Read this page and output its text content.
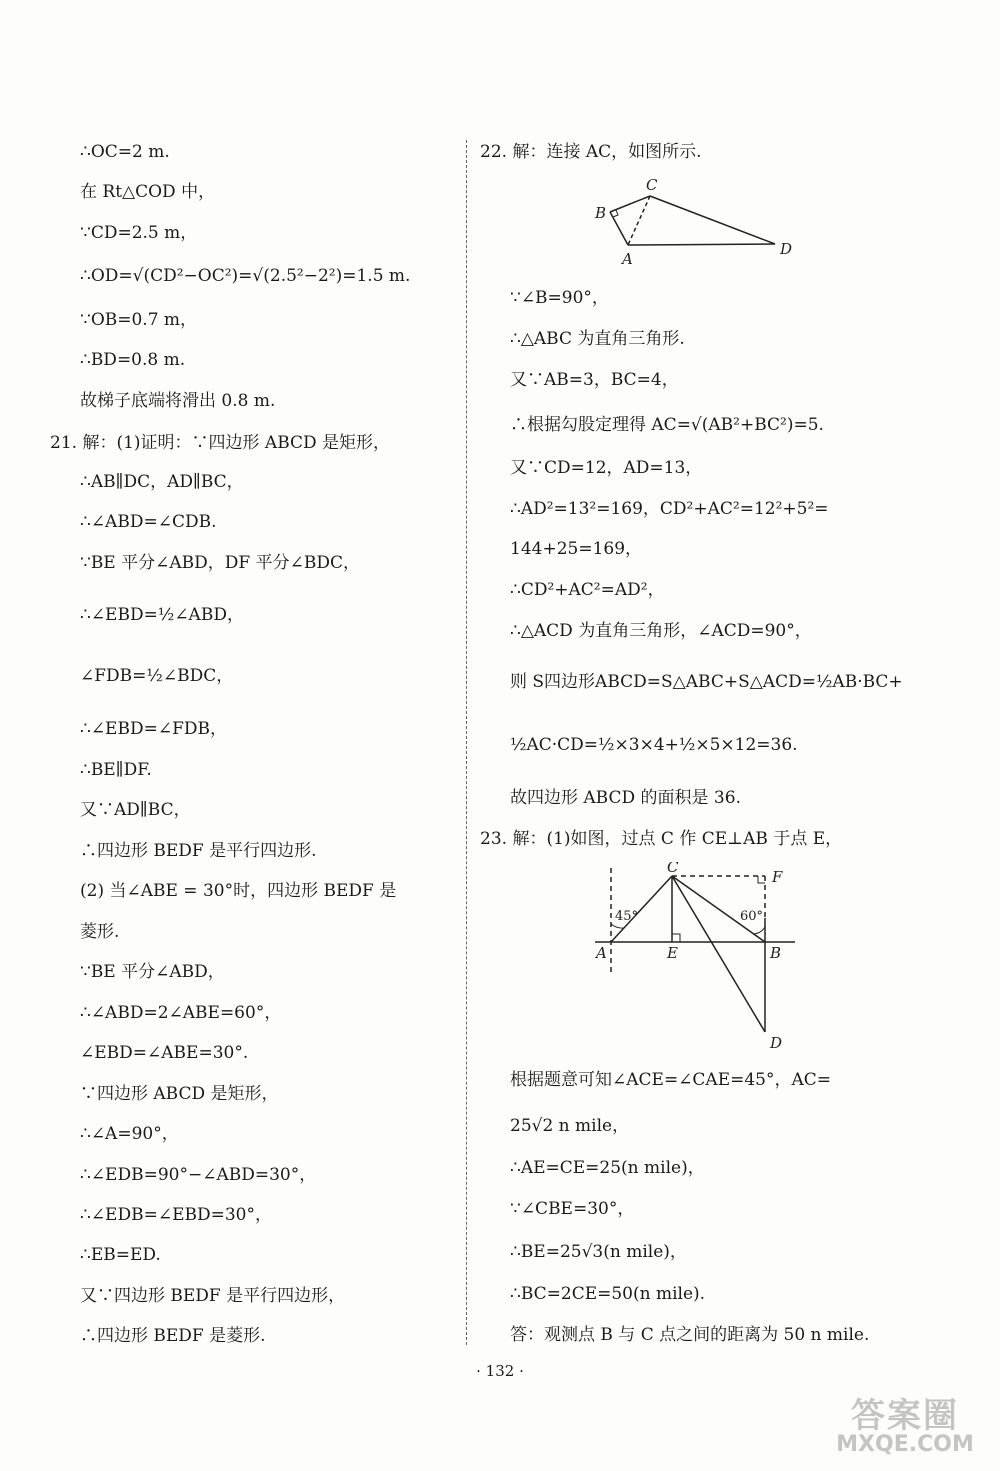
∴OC=2 m.
在 Rt△COD 中，
∵CD=2.5 m，
∴OD=√(CD²−OC²)=√(2.5²−2²)=1.5 m.
∵OB=0.7 m，
∴BD=0.8 m.
故梯子底端将滑出 0.8 m.
21. 解：(1)证明：∵四边形 ABCD 是矩形，
∴AB∥DC，AD∥BC，
∴∠ABD=∠CDB.
∵BE 平分∠ABD，DF 平分∠BDC，
∴∠EBD=½∠ABD，
∠FDB=½∠BDC，
∴∠EBD=∠FDB，
∴BE∥DF.
又∵AD∥BC，
∴四边形 BEDF 是平行四边形.
(2) 当∠ABE = 30°时，四边形 BEDF 是
菱形.
∵BE 平分∠ABD，
∴∠ABD=2∠ABE=60°，
∠EBD=∠ABE=30°.
∵四边形 ABCD 是矩形，
∴∠A=90°，
∴∠EDB=90°−∠ABD=30°，
∴∠EDB=∠EBD=30°，
∴EB=ED.
又∵四边形 BEDF 是平行四边形，
∴四边形 BEDF 是菱形.
22. 解：连接 AC，如图所示.
C
B
A
D
∵∠B=90°，
∴△ABC 为直角三角形.
又∵AB=3，BC=4，
∴根据勾股定理得 AC=√(AB²+BC²)=5.
又∵CD=12，AD=13，
∴AD²=13²=169，CD²+AC²=12²+5²=
144+25=169，
∴CD²+AC²=AD²，
∴△ACD 为直角三角形，∠ACD=90°，
则 S四边形ABCD=S△ABC+S△ACD=½AB·BC+
½AC·CD=½×3×4+½×5×12=36.
故四边形 ABCD 的面积是 36.
23. 解：(1)如图，过点 C 作 CE⊥AB 于点 E，
C
F
A	E	B
D
45°	60°
根据题意可知∠ACE=∠CAE=45°，AC=
25√2 n mile，
∴AE=CE=25(n mile)，
∵∠CBE=30°，
∴BE=25√3(n mile)，
∴BC=2CE=50(n mile).
答：观测点 B 与 C 点之间的距离为 50 n mile.
· 132 ·
答案圈
MXQE.COM
